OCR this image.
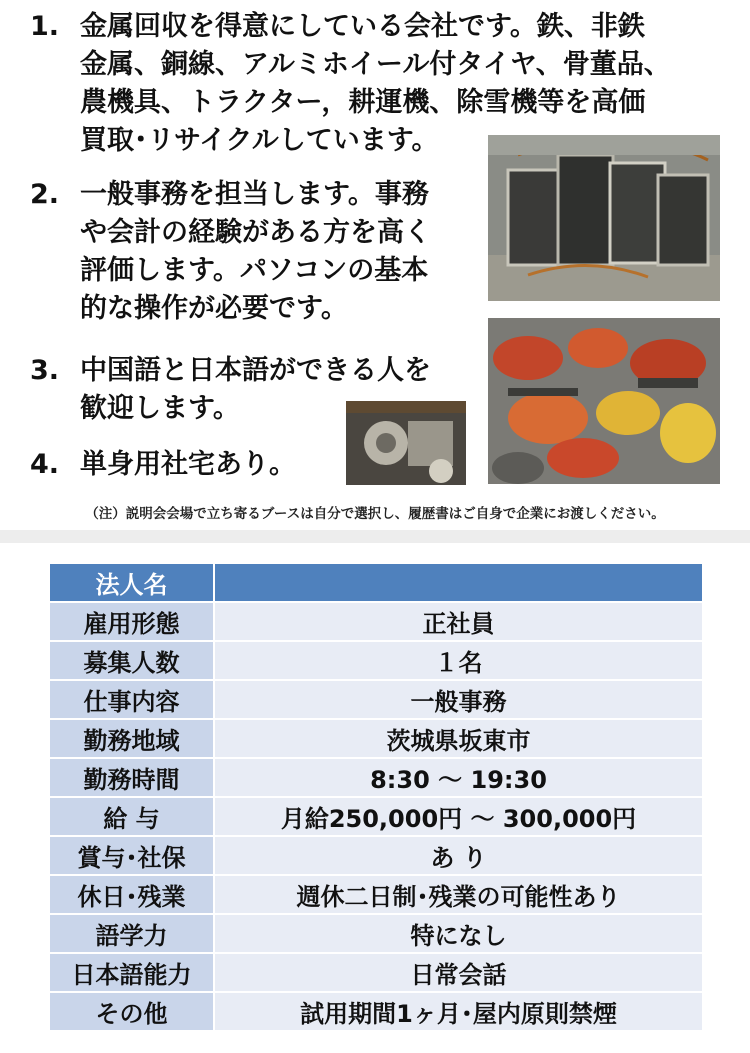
1. 金属回収を得意にしている会社です。鉄、非鉄
金属、銅線、アルミホイール付タイヤ、骨董品、
農機具、トラクター，耕運機、除雪機等を高価
買取･リサイクルしています。
2. 一般事務を担当します。事務
や会計の経験がある方を高く
評価します。パソコンの基本
的な操作が必要です。
3. 中国語と日本語ができる人を
歓迎します。
4. 単身用社宅あり。
（注）説明会会場で立ち寄るブースは自分で選択し、履歴書はご自身で企業にお渡しください。
法人名	
雇用形態	正社員
募集人数	１名
仕事内容	一般事務
勤務地域	茨城県坂東市
勤務時間	8:30 ～ 19:30
給 与	月給250,000円 ～ 300,000円
賞与･社保	あ り
休日･残業	週休二日制･残業の可能性あり
語学力	特になし
日本語能力	日常会話
その他	試用期間1ヶ月･屋内原則禁煙
